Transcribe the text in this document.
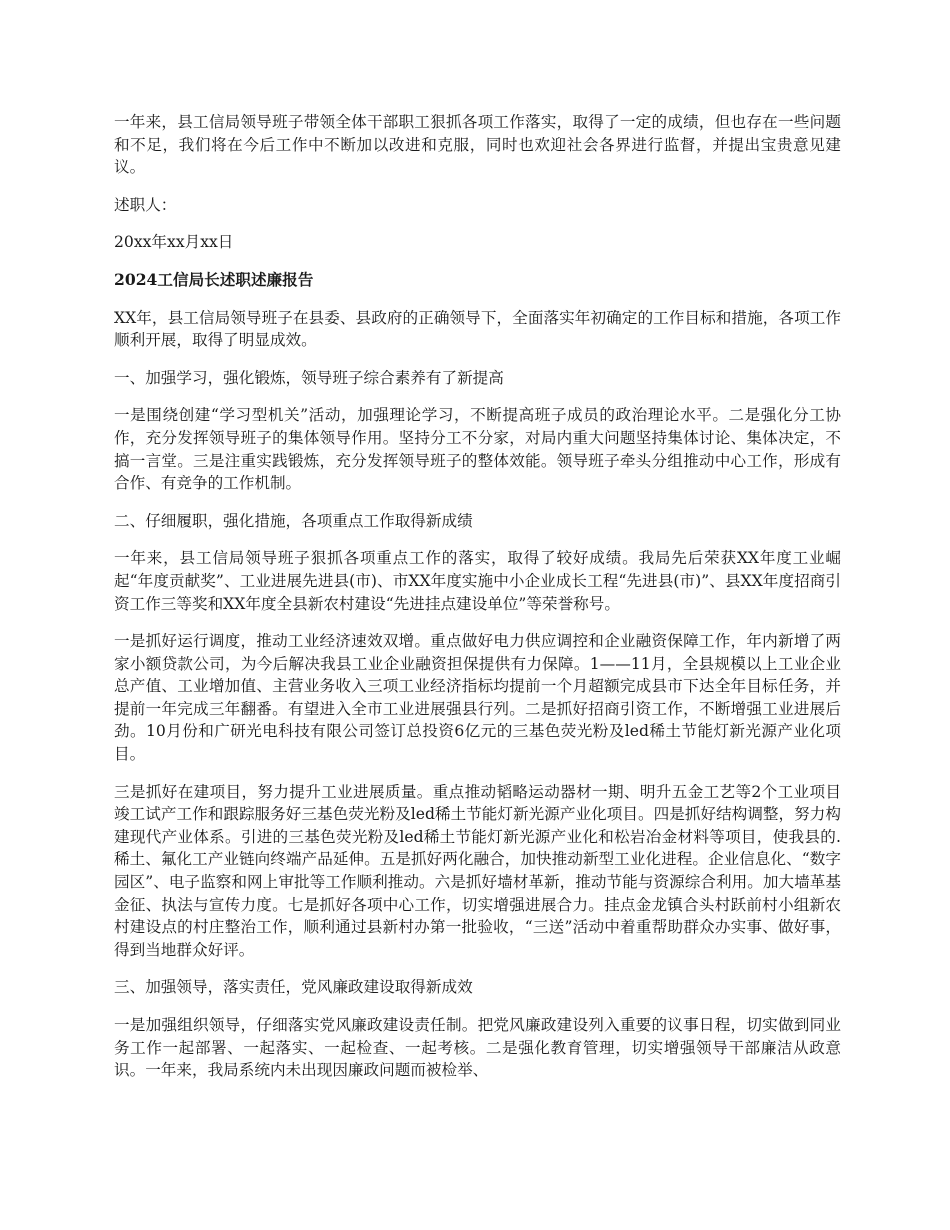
一年来，县工信局领导班子带领全体干部职工狠抓各项工作落实，取得了一定的成绩，但也存在一些问题和不足，我们将在今后工作中不断加以改进和克服，同时也欢迎社会各界进行监督，并提出宝贵意见建议。

述职人：

20xx年xx月xx日

2024工信局长述职述廉报告

XX年，县工信局领导班子在县委、县政府的正确领导下，全面落实年初确定的工作目标和措施，各项工作顺利开展，取得了明显成效。

一、加强学习，强化锻炼，领导班子综合素养有了新提高

一是围绕创建“学习型机关”活动，加强理论学习，不断提高班子成员的政治理论水平。二是强化分工协作，充分发挥领导班子的集体领导作用。坚持分工不分家，对局内重大问题坚持集体讨论、集体决定，不搞一言堂。三是注重实践锻炼，充分发挥领导班子的整体效能。领导班子牵头分组推动中心工作，形成有合作、有竞争的工作机制。

二、仔细履职，强化措施，各项重点工作取得新成绩

一年来，县工信局领导班子狠抓各项重点工作的落实，取得了较好成绩。我局先后荣获XX年度工业崛起“年度贡献奖”、工业进展先进县(市)、市XX年度实施中小企业成长工程“先进县(市)”、县XX年度招商引资工作三等奖和XX年度全县新农村建设“先进挂点建设单位”等荣誉称号。

一是抓好运行调度，推动工业经济速效双增。重点做好电力供应调控和企业融资保障工作，年内新增了两家小额贷款公司，为今后解决我县工业企业融资担保提供有力保障。1——11月，全县规模以上工业企业总产值、工业增加值、主营业务收入三项工业经济指标均提前一个月超额完成县市下达全年目标任务，并提前一年完成三年翻番。有望进入全市工业进展强县行列。二是抓好招商引资工作，不断增强工业进展后劲。10月份和广研光电科技有限公司签订总投资6亿元的三基色荧光粉及led稀土节能灯新光源产业化项目。

三是抓好在建项目，努力提升工业进展质量。重点推动韬略运动器材一期、明升五金工艺等2个工业项目竣工试产工作和跟踪服务好三基色荧光粉及led稀土节能灯新光源产业化项目。四是抓好结构调整，努力构建现代产业体系。引进的三基色荧光粉及led稀土节能灯新光源产业化和松岩冶金材料等项目，使我县的.稀土、氟化工产业链向终端产品延伸。五是抓好两化融合，加快推动新型工业化进程。企业信息化、“数字园区”、电子监察和网上审批等工作顺利推动。六是抓好墙材革新，推动节能与资源综合利用。加大墙革基金征、执法与宣传力度。七是抓好各项中心工作，切实增强进展合力。挂点金龙镇合头村跃前村小组新农村建设点的村庄整治工作，顺利通过县新村办第一批验收，“三送”活动中着重帮助群众办实事、做好事，得到当地群众好评。

三、加强领导，落实责任，党风廉政建设取得新成效

一是加强组织领导，仔细落实党风廉政建设责任制。把党风廉政建设列入重要的议事日程，切实做到同业务工作一起部署、一起落实、一起检查、一起考核。二是强化教育管理，切实增强领导干部廉洁从政意识。一年来，我局系统内未出现因廉政问题而被检举、
